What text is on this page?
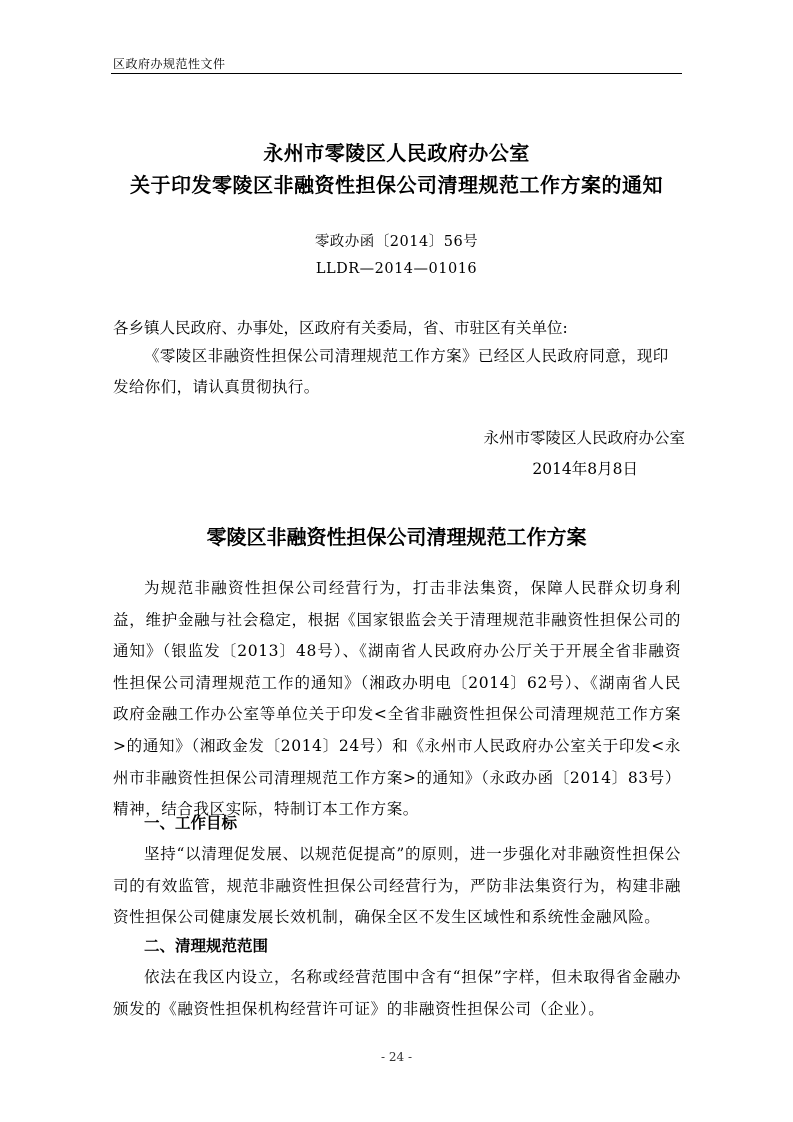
区政府办规范性文件
永州市零陵区人民政府办公室
关于印发零陵区非融资性担保公司清理规范工作方案的通知
零政办函〔2014〕56号
LLDR—2014—01016
各乡镇人民政府、办事处，区政府有关委局，省、市驻区有关单位:
《零陵区非融资性担保公司清理规范工作方案》已经区人民政府同意，现印发给你们，请认真贯彻执行。
永州市零陵区人民政府办公室
2014年8月8日
零陵区非融资性担保公司清理规范工作方案
为规范非融资性担保公司经营行为，打击非法集资，保障人民群众切身利益，维护金融与社会稳定，根据《国家银监会关于清理规范非融资性担保公司的通知》（银监发〔2013〕48号）、《湖南省人民政府办公厅关于开展全省非融资性担保公司清理规范工作的通知》（湘政办明电〔2014〕62号）、《湖南省人民政府金融工作办公室等单位关于印发<全省非融资性担保公司清理规范工作方案>的通知》（湘政金发〔2014〕24号）和《永州市人民政府办公室关于印发<永州市非融资性担保公司清理规范工作方案>的通知》（永政办函〔2014〕83号）精神，结合我区实际，特制订本工作方案。
一、工作目标
坚持“以清理促发展、以规范促提高”的原则，进一步强化对非融资性担保公司的有效监管，规范非融资性担保公司经营行为，严防非法集资行为，构建非融资性担保公司健康发展长效机制，确保全区不发生区域性和系统性金融风险。
二、清理规范范围
依法在我区内设立，名称或经营范围中含有“担保”字样，但未取得省金融办颁发的《融资性担保机构经营许可证》的非融资性担保公司（企业）。
- 24 -
